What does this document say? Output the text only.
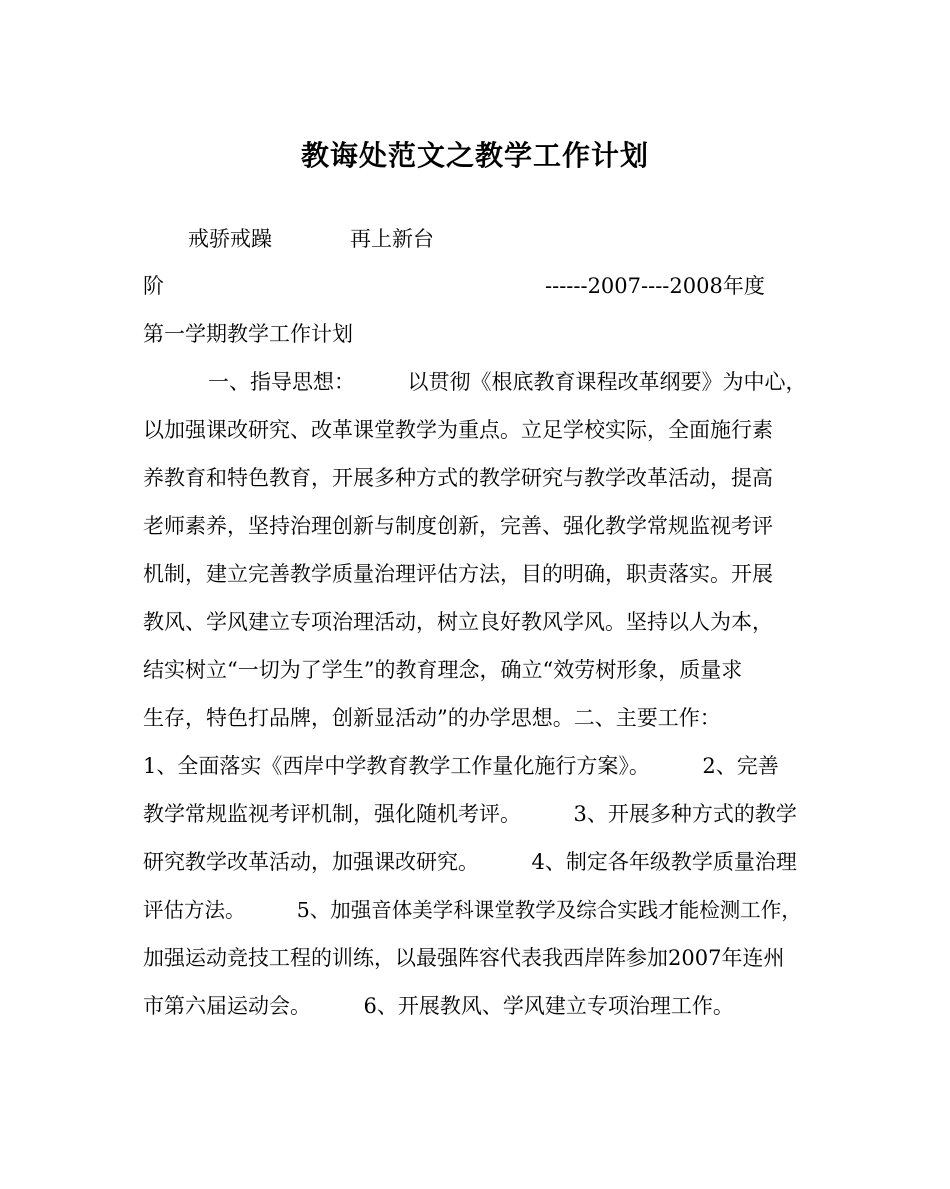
教诲处范文之教学工作计划
戒骄戒躁	再上新台
阶	------2007----2008年度
第一学期教学工作计划
一、指导思想：　　　以贯彻《根底教育课程改革纲要》为中心，
以加强课改研究、改革课堂教学为重点。立足学校实际，全面施行素
养教育和特色教育，开展多种方式的教学研究与教学改革活动，提高
老师素养，坚持治理创新与制度创新，完善、强化教学常规监视考评
机制，建立完善教学质量治理评估方法，目的明确，职责落实。开展
教风、学风建立专项治理活动，树立良好教风学风。坚持以人为本，
结实树立“一切为了学生”的教育理念，确立“效劳树形象，质量求
生存，特色打品牌，创新显活动”的办学思想。二、主要工作：
1、全面落实《西岸中学教育教学工作量化施行方案》。　　　2、完善
教学常规监视考评机制，强化随机考评。　　　3、开展多种方式的教学
研究教学改革活动，加强课改研究。　　　4、制定各年级教学质量治理
评估方法。　　　5、加强音体美学科课堂教学及综合实践才能检测工作，
加强运动竞技工程的训练，以最强阵容代表我西岸阵参加2007年连州
市第六届运动会。　　　6、开展教风、学风建立专项治理工作。
